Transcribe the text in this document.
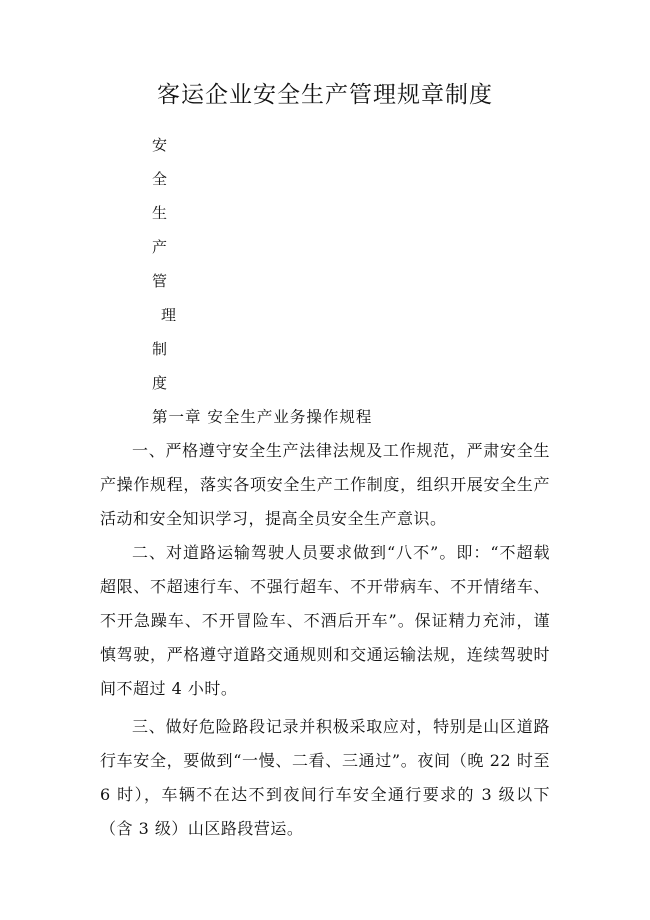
客运企业安全生产管理规章制度
安
全
生
产
管
理
制
度
第一章 安全生产业务操作规程

一、严格遵守安全生产法律法规及工作规范，严肃安全生产操作规程，落实各项安全生产工作制度，组织开展安全生产活动和安全知识学习，提高全员安全生产意识。

二、对道路运输驾驶人员要求做到“八不”。即：“不超载超限、不超速行车、不强行超车、不开带病车、不开情绪车、不开急躁车、不开冒险车、不酒后开车”。保证精力充沛，谨慎驾驶，严格遵守道路交通规则和交通运输法规，连续驾驶时间不超过 4 小时。

三、做好危险路段记录并积极采取应对，特别是山区道路行车安全，要做到“一慢、二看、三通过”。夜间（晚 22 时至 6 时），车辆不在达不到夜间行车安全通行要求的 3 级以下（含 3 级）山区路段营运。
